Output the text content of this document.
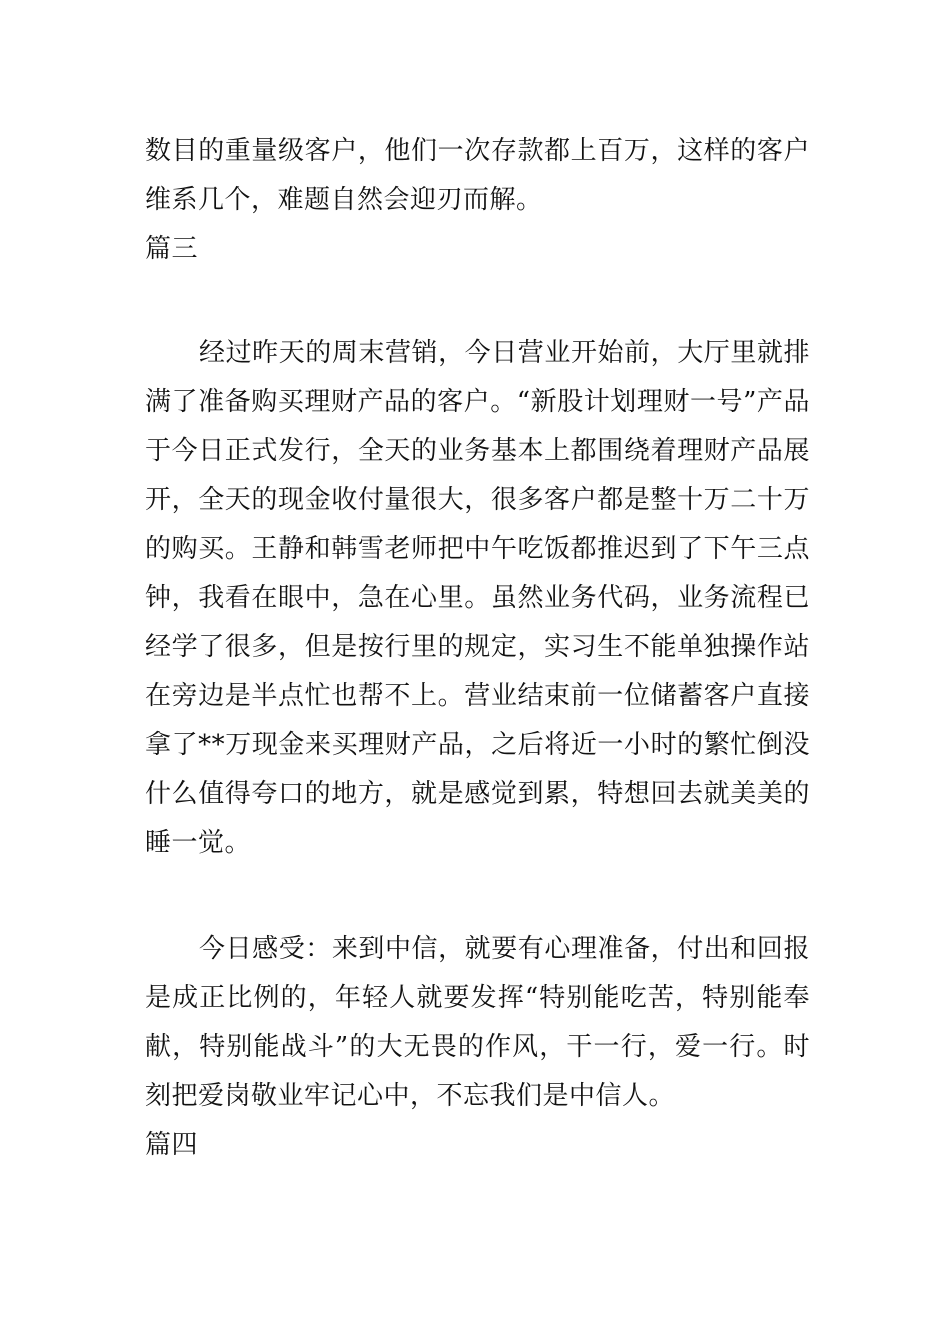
数目的重量级客户，他们一次存款都上百万，这样的客户维系几个，难题自然会迎刃而解。

篇三

经过昨天的周末营销，今日营业开始前，大厅里就排满了准备购买理财产品的客户。“新股计划理财一号”产品于今日正式发行，全天的业务基本上都围绕着理财产品展开，全天的现金收付量很大，很多客户都是整十万二十万的购买。王静和韩雪老师把中午吃饭都推迟到了下午三点钟，我看在眼中，急在心里。虽然业务代码，业务流程已经学了很多，但是按行里的规定，实习生不能单独操作站在旁边是半点忙也帮不上。营业结束前一位储蓄客户直接拿了**万现金来买理财产品，之后将近一小时的繁忙倒没什么值得夸口的地方，就是感觉到累，特想回去就美美的睡一觉。

今日感受：来到中信，就要有心理准备，付出和回报是成正比例的，年轻人就要发挥“特别能吃苦，特别能奉献，特别能战斗”的大无畏的作风，干一行，爱一行。时刻把爱岗敬业牢记心中，不忘我们是中信人。

篇四
